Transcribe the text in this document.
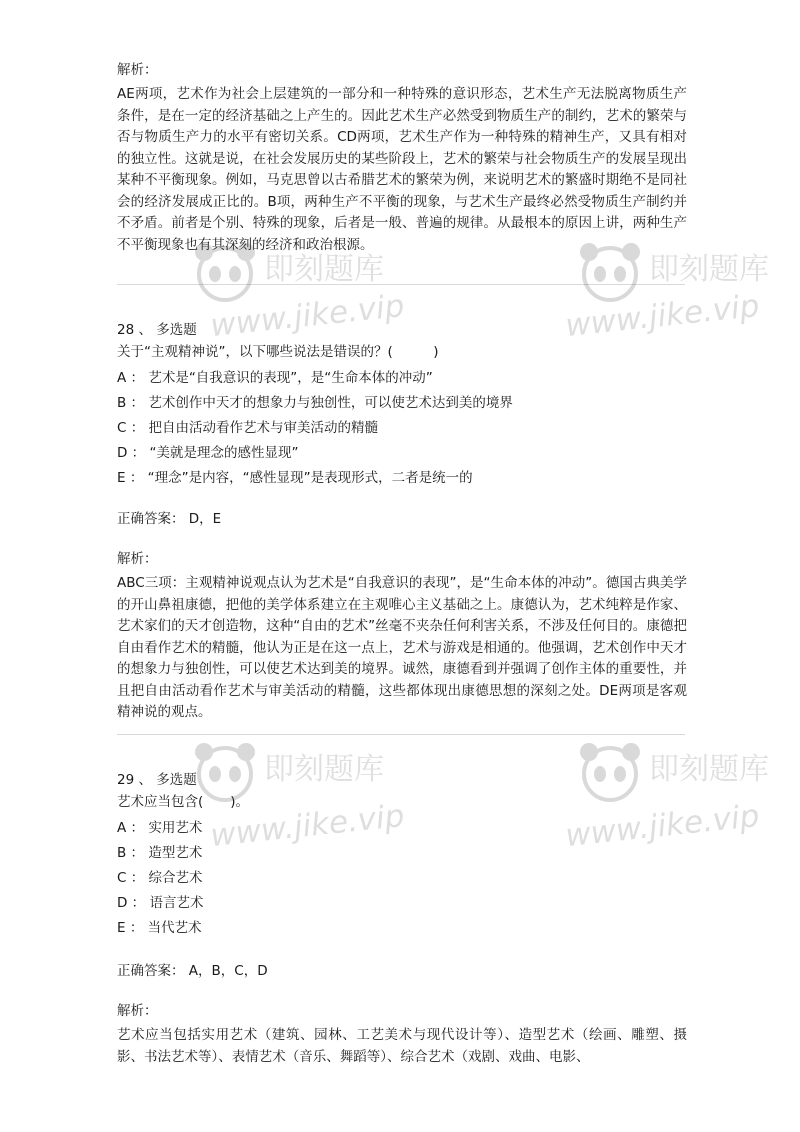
解析：

AE两项，艺术作为社会上层建筑的一部分和一种特殊的意识形态，艺术生产无法脱离物质生产条件，是在一定的经济基础之上产生的。因此艺术生产必然受到物质生产的制约，艺术的繁荣与否与物质生产力的水平有密切关系。CD两项，艺术生产作为一种特殊的精神生产，又具有相对的独立性。这就是说，在社会发展历史的某些阶段上，艺术的繁荣与社会物质生产的发展呈现出某种不平衡现象。例如，马克思曾以古希腊艺术的繁荣为例，来说明艺术的繁盛时期绝不是同社会的经济发展成正比的。B项，两种生产不平衡的现象，与艺术生产最终必然受物质生产制约并不矛盾。前者是个别、特殊的现象，后者是一般、普遍的规律。从最根本的原因上讲，两种生产不平衡现象也有其深刻的经济和政治根源。

28 、 多选题

关于“主观精神说”，以下哪些说法是错误的？(　　　)

A ： 艺术是“自我意识的表现”，是“生命本体的冲动”

B ： 艺术创作中天才的想象力与独创性，可以使艺术达到美的境界

C ： 把自由活动看作艺术与审美活动的精髓

D ： “美就是理念的感性显现”

E ： “理念”是内容，“感性显现”是表现形式，二者是统一的

正确答案： D，E

解析：

ABC三项：主观精神说观点认为艺术是“自我意识的表现”，是“生命本体的冲动”。德国古典美学的开山鼻祖康德，把他的美学体系建立在主观唯心主义基础之上。康德认为，艺术纯粹是作家、艺术家们的天才创造物，这种“自由的艺术”丝毫不夹杂任何利害关系，不涉及任何目的。康德把自由看作艺术的精髓，他认为正是在这一点上，艺术与游戏是相通的。他强调，艺术创作中天才的想象力与独创性，可以使艺术达到美的境界。诚然，康德看到并强调了创作主体的重要性，并且把自由活动看作艺术与审美活动的精髓，这些都体现出康德思想的深刻之处。DE两项是客观精神说的观点。

29 、 多选题

艺术应当包含(　　)。

A ： 实用艺术

B ： 造型艺术

C ： 综合艺术

D ： 语言艺术

E ： 当代艺术

正确答案： A，B，C，D

解析：

艺术应当包括实用艺术（建筑、园林、工艺美术与现代设计等）、造型艺术（绘画、雕塑、摄影、书法艺术等）、表情艺术（音乐、舞蹈等）、综合艺术（戏剧、戏曲、电影、

即刻题库
www.jike.vip
即刻题库
www.jike.vip
即刻题库
www.jike.vip
即刻题库
www.jike.vip
